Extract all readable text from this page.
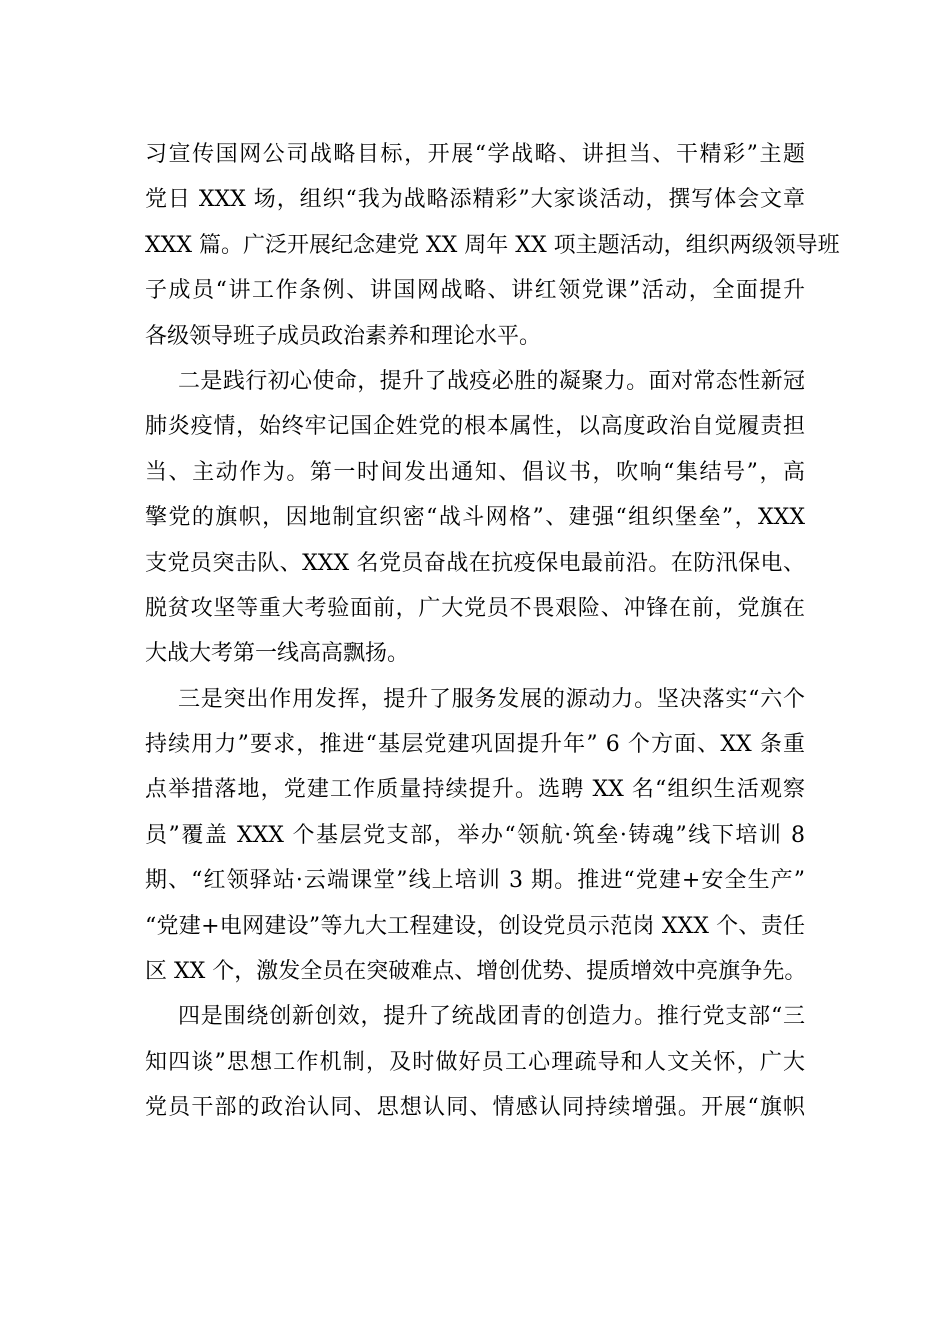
习宣传国网公司战略目标，开展“学战略、讲担当、干精彩”主题
党日 XXX 场，组织“我为战略添精彩”大家谈活动，撰写体会文章
XXX 篇。广泛开展纪念建党 XX 周年 XX 项主题活动，组织两级领导班
子成员“讲工作条例、讲国网战略、讲红领党课”活动，全面提升
各级领导班子成员政治素养和理论水平。
二是践行初心使命，提升了战疫必胜的凝聚力。面对常态性新冠
肺炎疫情，始终牢记国企姓党的根本属性，以高度政治自觉履责担
当、主动作为。第一时间发出通知、倡议书，吹响“集结号”，高
擎党的旗帜，因地制宜织密“战斗网格”、建强“组织堡垒”，XXX
支党员突击队、XXX 名党员奋战在抗疫保电最前沿。在防汛保电、
脱贫攻坚等重大考验面前，广大党员不畏艰险、冲锋在前，党旗在
大战大考第一线高高飘扬。
三是突出作用发挥，提升了服务发展的源动力。坚决落实“六个
持续用力”要求，推进“基层党建巩固提升年” 6 个方面、XX 条重
点举措落地，党建工作质量持续提升。选聘 XX 名“组织生活观察
员”覆盖 XXX 个基层党支部，举办“领航·筑垒·铸魂”线下培训 8
期、“红领驿站·云端课堂”线上培训 3 期。推进“党建+安全生产”
“党建+电网建设”等九大工程建设，创设党员示范岗 XXX 个、责任
区 XX 个，激发全员在突破难点、增创优势、提质增效中亮旗争先。
四是围绕创新创效，提升了统战团青的创造力。推行党支部“三
知四谈”思想工作机制，及时做好员工心理疏导和人文关怀，广大
党员干部的政治认同、思想认同、情感认同持续增强。开展“旗帜
